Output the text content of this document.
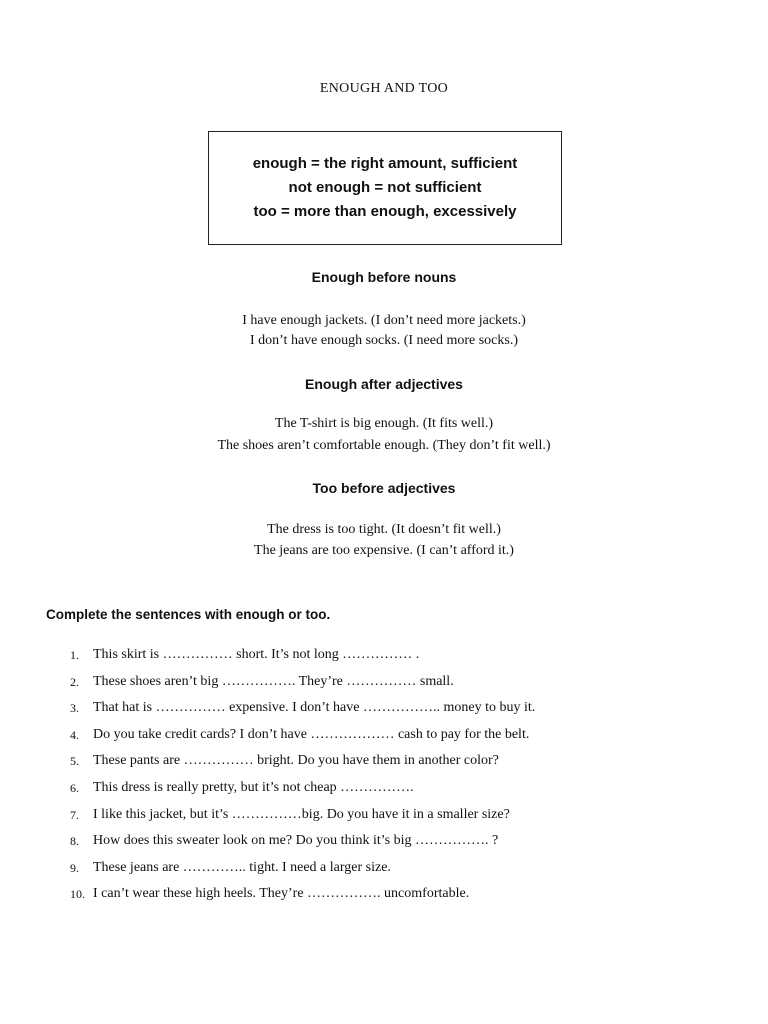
ENOUGH AND TOO
enough = the right amount, sufficient
not enough = not sufficient
too = more than enough, excessively
Enough before nouns
I have enough jackets. (I don’t need more jackets.)
I don’t have enough socks. (I need more socks.)
Enough after adjectives
The T-shirt is big enough. (It fits well.)
The shoes aren’t comfortable enough. (They don’t fit well.)
Too before adjectives
The dress is too tight. (It doesn’t fit well.)
The jeans are too expensive. (I can’t afford it.)
Complete the sentences with enough or too.
1.	This skirt is …………… short. It’s not long …………… .
2.	These shoes aren’t big ……………. They’re …………… small.
3.	That hat is …………… expensive. I don’t have …………….. money to buy it.
4.	Do you take credit cards? I don’t have ……………… cash to pay for the belt.
5.	These pants are …………… bright. Do you have them in another color?
6.	This dress is really pretty, but it’s not cheap …………….
7.	I like this jacket, but it’s ……………big. Do you have it in a smaller size?
8.	How does this sweater look on me? Do you think it’s big ……………. ?
9.	These jeans are ………….. tight. I need a larger size.
10. I can’t wear these high heels. They’re ……………. uncomfortable.
